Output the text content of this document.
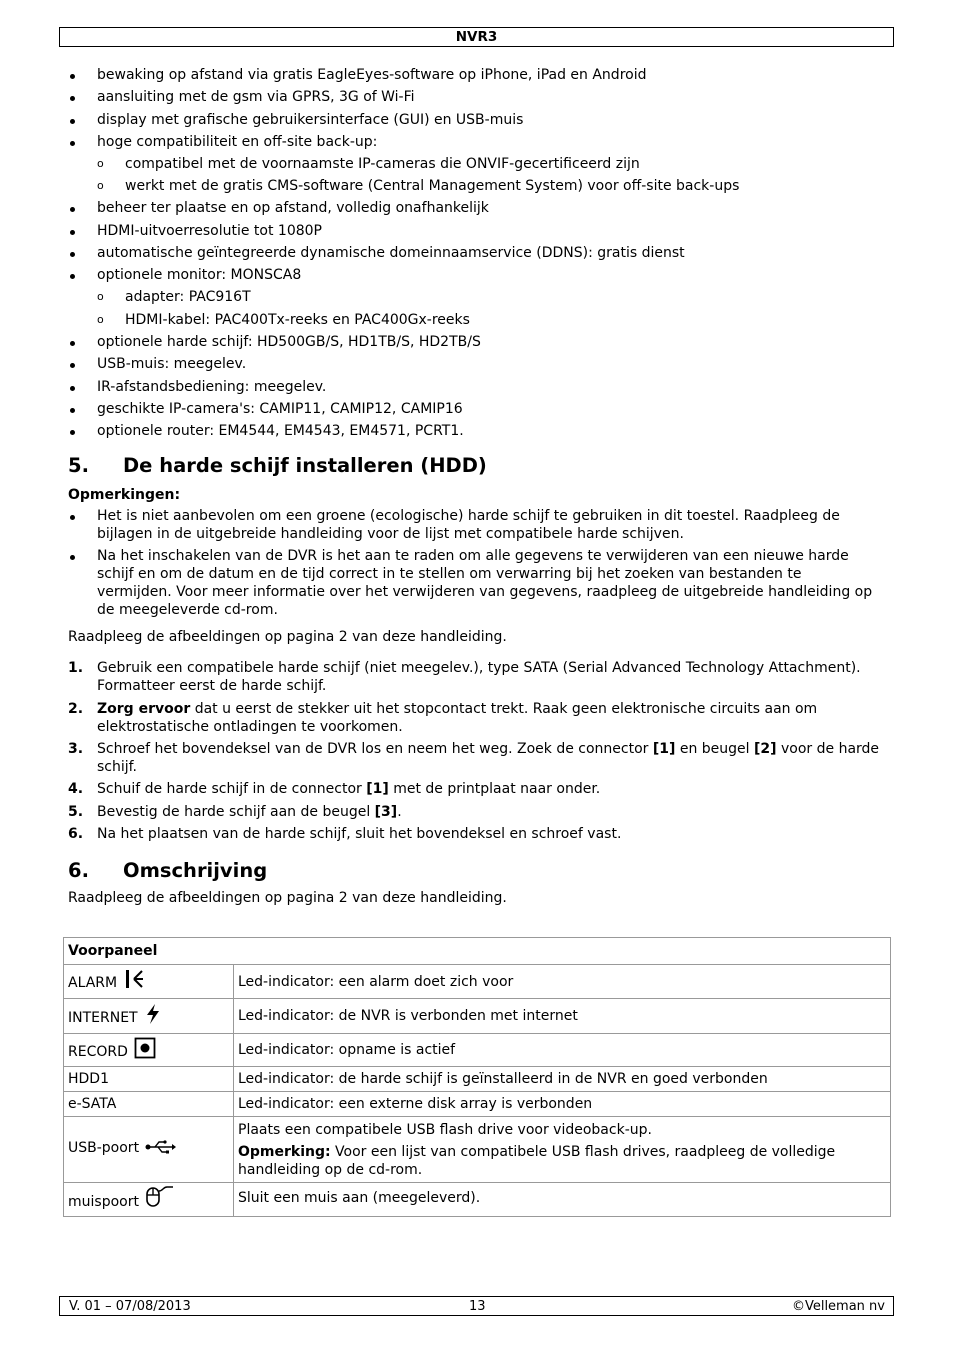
NVR3
bewaking op afstand via gratis EagleEyes-software op iPhone, iPad en Android
aansluiting met de gsm via GPRS, 3G of Wi-Fi
display met grafische gebruikersinterface (GUI) en USB-muis
hoge compatibiliteit en off-site back-up:
o compatibel met de voornaamste IP-cameras die ONVIF-gecertificeerd zijn
o werkt met de gratis CMS-software (Central Management System) voor off-site back-ups
beheer ter plaatse en op afstand, volledig onafhankelijk
HDMI-uitvoerresolutie tot 1080P
automatische geïntegreerde dynamische domeinnaamservice (DDNS): gratis dienst
optionele monitor: MONSCA8
o adapter: PAC916T
o HDMI-kabel: PAC400Tx-reeks en PAC400Gx-reeks
optionele harde schijf: HD500GB/S, HD1TB/S, HD2TB/S
USB-muis: meegelev.
IR-afstandsbediening: meegelev.
geschikte IP-camera's: CAMIP11, CAMIP12, CAMIP16
optionele router: EM4544, EM4543, EM4571, PCRT1.
5. De harde schijf installeren (HDD)

Opmerkingen:

Het is niet aanbevolen om een groene (ecologische) harde schijf te gebruiken in dit toestel. Raadpleeg de bijlagen in de uitgebreide handleiding voor de lijst met compatibele harde schijven.
Na het inschakelen van de DVR is het aan te raden om alle gegevens te verwijderen van een nieuwe harde schijf en om de datum en de tijd correct in te stellen om verwarring bij het zoeken van bestanden te vermijden. Voor meer informatie over het verwijderen van gegevens, raadpleeg de uitgebreide handleiding op de meegeleverde cd-rom.

Raadpleeg de afbeeldingen op pagina 2 van deze handleiding.

1. Gebruik een compatibele harde schijf (niet meegelev.), type SATA (Serial Advanced Technology Attachment). Formatteer eerst de harde schijf.
2. Zorg ervoor dat u eerst de stekker uit het stopcontact trekt. Raak geen elektronische circuits aan om elektrostatische ontladingen te voorkomen.
3. Schroef het bovendeksel van de DVR los en neem het weg. Zoek de connector [1] en beugel [2] voor de harde schijf.
4. Schuif de harde schijf in de connector [1] met de printplaat naar onder.
5. Bevestig de harde schijf aan de beugel [3].
6. Na het plaatsen van de harde schijf, sluit het bovendeksel en schroef vast.
6. Omschrijving

Raadpleeg de afbeeldingen op pagina 2 van deze handleiding.

Voorpaneel	
ALARM	Led-indicator: een alarm doet zich voor
INTERNET	Led-indicator: de NVR is verbonden met internet
RECORD	Led-indicator: opname is actief
HDD1	Led-indicator: de harde schijf is geïnstalleerd in de NVR en goed verbonden
e-SATA	Led-indicator: een externe disk array is verbonden
USB-poort	Plaats een compatibele USB flash drive voor videoback-up.
Opmerking: Voor een lijst van compatibele USB flash drives, raadpleeg de volledige handleiding op de cd-rom.

muispoort	Sluit een muis aan (meegeleverd).
V. 01 – 07/08/2013	13	©Velleman nv
